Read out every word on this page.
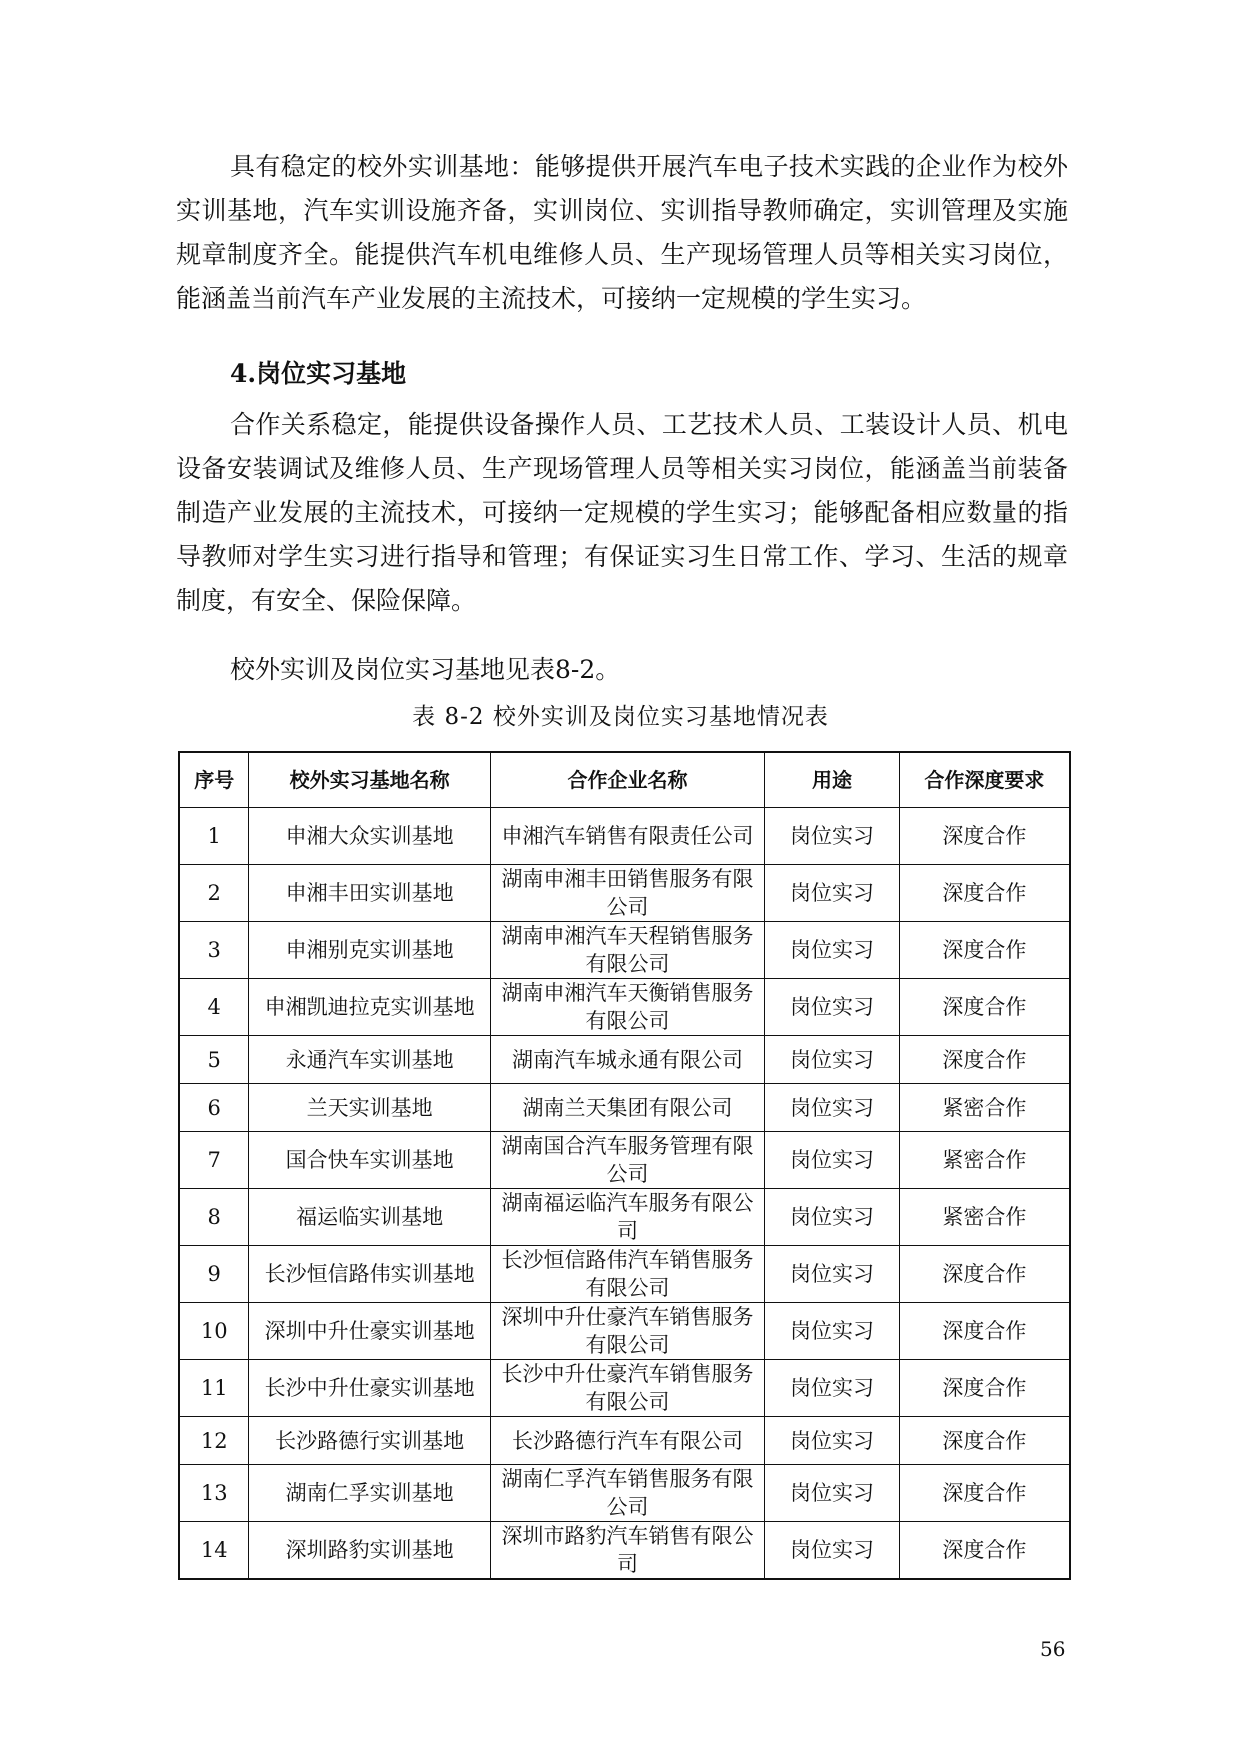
具有稳定的校外实训基地：能够提供开展汽车电子技术实践的企业作为校外实训基地，汽车实训设施齐备，实训岗位、实训指导教师确定，实训管理及实施规章制度齐全。能提供汽车机电维修人员、生产现场管理人员等相关实习岗位，能涵盖当前汽车产业发展的主流技术，可接纳一定规模的学生实习。

4.岗位实习基地

合作关系稳定，能提供设备操作人员、工艺技术人员、工装设计人员、机电设备安装调试及维修人员、生产现场管理人员等相关实习岗位，能涵盖当前装备制造产业发展的主流技术，可接纳一定规模的学生实习；能够配备相应数量的指导教师对学生实习进行指导和管理；有保证实习生日常工作、学习、生活的规章制度，有安全、保险保障。

校外实训及岗位实习基地见表8-2。

表 8-2 校外实训及岗位实习基地情况表

序号	校外实习基地名称	合作企业名称	用途	合作深度要求
1	申湘大众实训基地	申湘汽车销售有限责任公司	岗位实习	深度合作
2	申湘丰田实训基地	湖南申湘丰田销售服务有限公司	岗位实习	深度合作
3	申湘别克实训基地	湖南申湘汽车天程销售服务有限公司	岗位实习	深度合作
4	申湘凯迪拉克实训基地	湖南申湘汽车天衡销售服务有限公司	岗位实习	深度合作
5	永通汽车实训基地	湖南汽车城永通有限公司	岗位实习	深度合作
6	兰天实训基地	湖南兰天集团有限公司	岗位实习	紧密合作
7	国合快车实训基地	湖南国合汽车服务管理有限公司	岗位实习	紧密合作
8	福运临实训基地	湖南福运临汽车服务有限公司	岗位实习	紧密合作
9	长沙恒信路伟实训基地	长沙恒信路伟汽车销售服务有限公司	岗位实习	深度合作
10	深圳中升仕豪实训基地	深圳中升仕豪汽车销售服务有限公司	岗位实习	深度合作
11	长沙中升仕豪实训基地	长沙中升仕豪汽车销售服务有限公司	岗位实习	深度合作
12	长沙路德行实训基地	长沙路德行汽车有限公司	岗位实习	深度合作
13	湖南仁孚实训基地	湖南仁孚汽车销售服务有限公司	岗位实习	深度合作
14	深圳路豹实训基地	深圳市路豹汽车销售有限公司	岗位实习	深度合作
56
